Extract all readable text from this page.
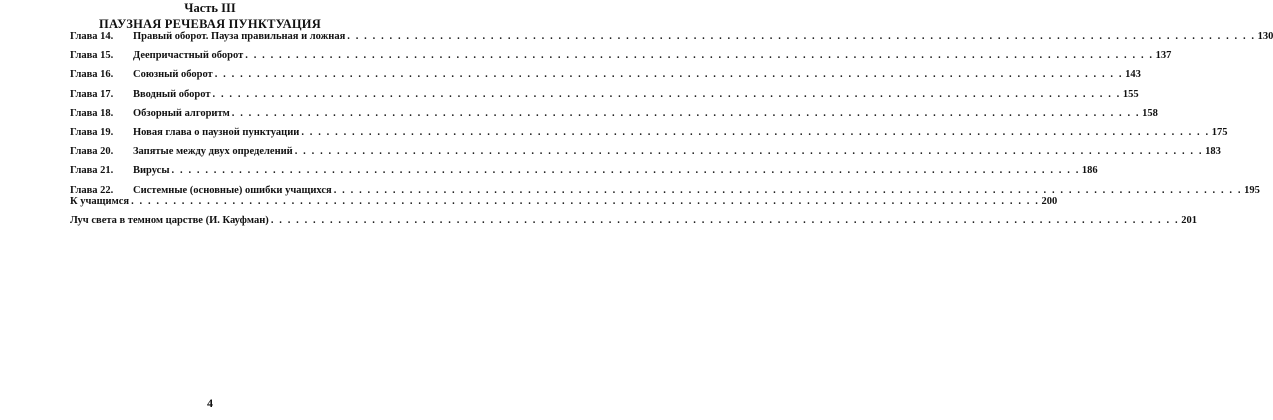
Часть III
ПАУЗНАЯ РЕЧЕВАЯ ПУНКТУАЦИЯ
Глава 14.	Правый оборот. Пауза правильная и ложная . . .	130
Глава 15.	Деепричастный оборот . . .	137
Глава 16.	Союзный оборот . . .	143
Глава 17.	Вводный оборот . . .	155
Глава 18.	Обзорный алгоритм . . .	158
Глава 19.	Новая глава о паузной пунктуации . . .	175
Глава 20.	Запятые между двух определений . . .	183
Глава 21.	Вирусы . . .	186
Глава 22.	Системные (основные) ошибки учащихся . . .	195
К учащимся . . .	200
Луч света в темном царстве (И. Кауфман) . . .	201
4
